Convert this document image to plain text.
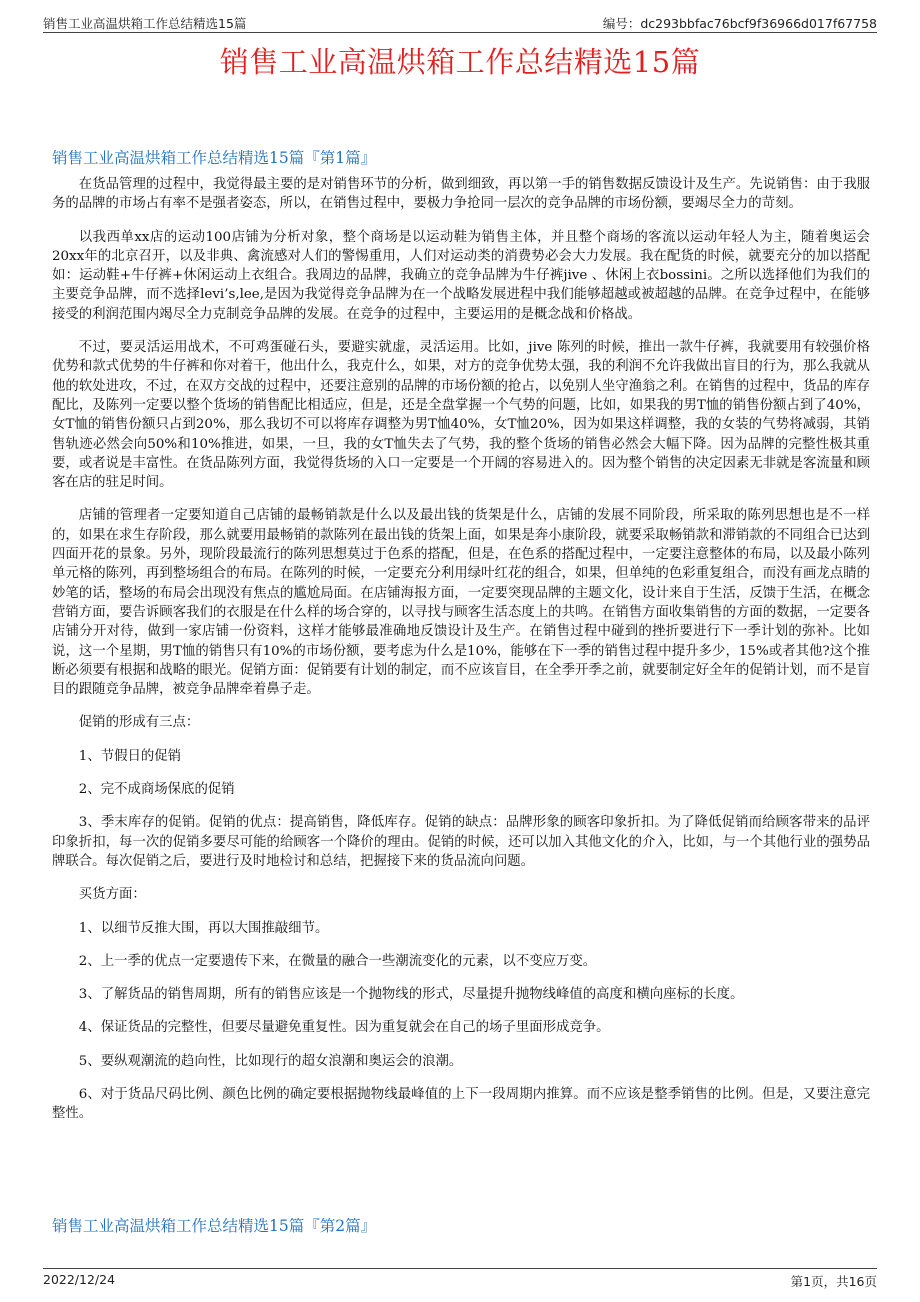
销售工业高温烘箱工作总结精选15篇	编号：dc293bbfac76bcf9f36966d017f67758
销售工业高温烘箱工作总结精选15篇
销售工业高温烘箱工作总结精选15篇『第1篇』

在货品管理的过程中，我觉得最主要的是对销售环节的分析，做到细致，再以第一手的销售数据反馈设计及生产。先说销售：由于我服务的品牌的市场占有率不是强者姿态，所以，在销售过程中，要极力争抢同一层次的竞争品牌的市场份额，要竭尽全力的苛刻。

以我西单xx店的运动100店铺为分析对象，整个商场是以运动鞋为销售主体，并且整个商场的客流以运动年轻人为主，随着奥运会20xx年的北京召开，以及非典、禽流感对人们的警惕重用，人们对运动类的消费势必会大力发展。我在配货的时候，就要充分的加以搭配如：运动鞋+牛仔裤+休闲运动上衣组合。我周边的品牌，我确立的竞争品牌为牛仔裤jive 、休闲上衣bossini。之所以选择他们为我们的主要竞争品牌，而不选择levi’s,lee,是因为我觉得竞争品牌为在一个战略发展进程中我们能够超越或被超越的品牌。在竞争过程中，在能够接受的利润范围内竭尽全力克制竞争品牌的发展。在竞争的过程中，主要运用的是概念战和价格战。

不过，要灵活运用战术，不可鸡蛋碰石头，要避实就虚，灵活运用。比如，jive 陈列的时候，推出一款牛仔裤，我就要用有较强价格优势和款式优势的牛仔裤和你对着干，他出什么，我克什么，如果，对方的竞争优势太强，我的利润不允许我做出盲目的行为，那么我就从他的软处进攻，不过，在双方交战的过程中，还要注意别的品牌的市场份额的抢占，以免别人坐守渔翁之利。在销售的过程中，货品的库存配比，及陈列一定要以整个货场的销售配比相适应，但是，还是全盘掌握一个气势的问题，比如，如果我的男T恤的销售份额占到了40%，女T恤的销售份额只占到20%，那么我切不可以将库存调整为男T恤40%，女T恤20%，因为如果这样调整，我的女装的气势将减弱，其销售轨迹必然会向50%和10%推进，如果，一旦，我的女T恤失去了气势，我的整个货场的销售必然会大幅下降。因为品牌的完整性极其重要，或者说是丰富性。在货品陈列方面，我觉得货场的入口一定要是一个开阔的容易进入的。因为整个销售的决定因素无非就是客流量和顾客在店的驻足时间。

店铺的管理者一定要知道自己店铺的最畅销款是什么以及最出钱的货架是什么，店铺的发展不同阶段，所采取的陈列思想也是不一样的，如果在求生存阶段，那么就要用最畅销的款陈列在最出钱的货架上面，如果是奔小康阶段，就要采取畅销款和滞销款的不同组合已达到四面开花的景象。另外，现阶段最流行的陈列思想莫过于色系的搭配，但是，在色系的搭配过程中，一定要注意整体的布局，以及最小陈列单元格的陈列，再到整场组合的布局。在陈列的时候，一定要充分利用绿叶红花的组合，如果，但单纯的色彩重复组合，而没有画龙点睛的妙笔的话，整场的布局会出现没有焦点的尴尬局面。在店铺海报方面，一定要突现品牌的主题文化，设计来自于生活，反馈于生活，在概念营销方面，要告诉顾客我们的衣服是在什么样的场合穿的，以寻找与顾客生活态度上的共鸣。在销售方面收集销售的方面的数据，一定要各店铺分开对待，做到一家店铺一份资料，这样才能够最准确地反馈设计及生产。在销售过程中碰到的挫折要进行下一季计划的弥补。比如说，这一个星期，男T恤的销售只有10%的市场份额，要考虑为什么是10%，能够在下一季的销售过程中提升多少，15%或者其他?这个推断必须要有根据和战略的眼光。促销方面：促销要有计划的制定，而不应该盲目，在全季开季之前，就要制定好全年的促销计划，而不是盲目的跟随竞争品牌，被竞争品牌牵着鼻子走。

促销的形成有三点：

1、节假日的促销

2、完不成商场保底的促销

3、季末库存的促销。促销的优点：提高销售，降低库存。促销的缺点：品牌形象的顾客印象折扣。为了降低促销而给顾客带来的品评印象折扣，每一次的促销多要尽可能的给顾客一个降价的理由。促销的时候，还可以加入其他文化的介入，比如，与一个其他行业的强势品牌联合。每次促销之后，要进行及时地检讨和总结，把握接下来的货品流向问题。

买货方面：

1、以细节反推大围，再以大围推敲细节。

2、上一季的优点一定要遗传下来，在微量的融合一些潮流变化的元素，以不变应万变。

3、了解货品的销售周期，所有的销售应该是一个抛物线的形式，尽量提升抛物线峰值的高度和横向座标的长度。

4、保证货品的完整性，但要尽量避免重复性。因为重复就会在自己的场子里面形成竞争。

5、要纵观潮流的趋向性，比如现行的超女浪潮和奥运会的浪潮。

6、对于货品尺码比例、颜色比例的确定要根据抛物线最峰值的上下一段周期内推算。而不应该是整季销售的比例。但是，又要注意完整性。

销售工业高温烘箱工作总结精选15篇『第2篇』
2022/12/24	第1页，共16页
